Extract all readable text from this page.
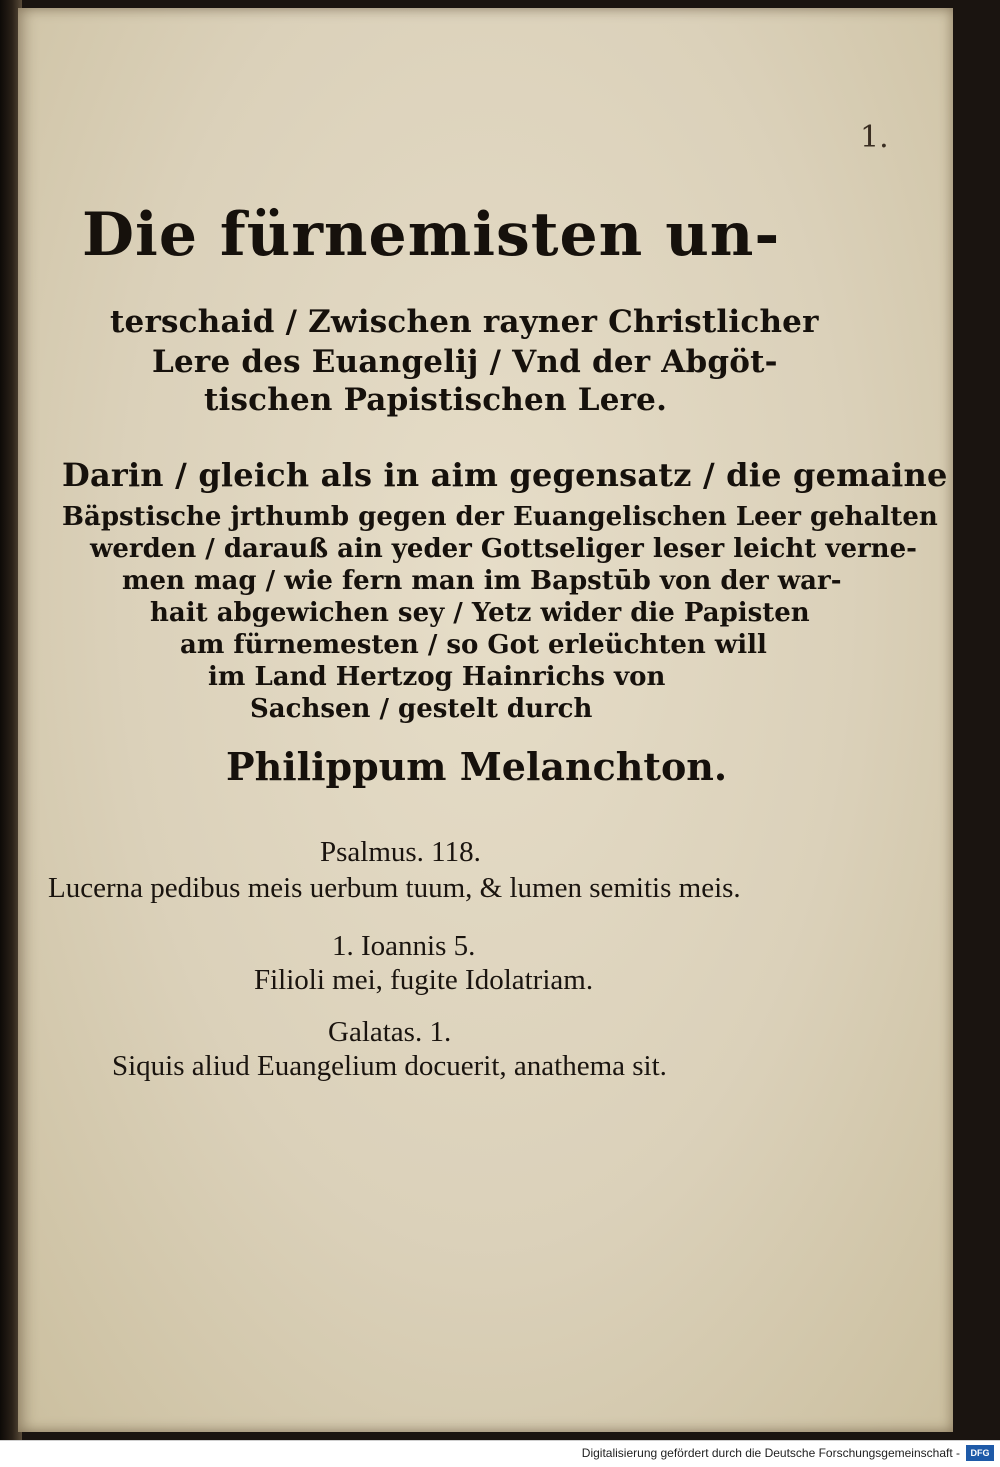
1.

Die fürnemisten un-

terschaid / Zwischen rayner Christlicher

Lere des Euangelij / Vnd der Abgöt-

tischen Papistischen Lere.

Darin / gleich als in aim gegensatz / die gemaine

Bäpstische jrthumb gegen der Euangelischen Leer gehalten

werden / darauß ain yeder Gottseliger leser leicht verne-

men mag / wie fern man im Bapstūb von der war-

hait abgewichen sey / Yetz wider die Papisten

am fürnemesten / so Got erleüchten will

im Land Hertzog Hainrichs von

Sachsen / gestelt durch

Philippum Melanchton.

Psalmus. 118.

Lucerna pedibus meis uerbum tuum, & lumen semitis meis.

1. Ioannis 5.

Filioli mei, fugite Idolatriam.

Galatas. 1.

Siquis aliud Euangelium docuerit, anathema sit.

Digitalisierung gefördert durch die Deutsche Forschungsgemeinschaft -	DFG
